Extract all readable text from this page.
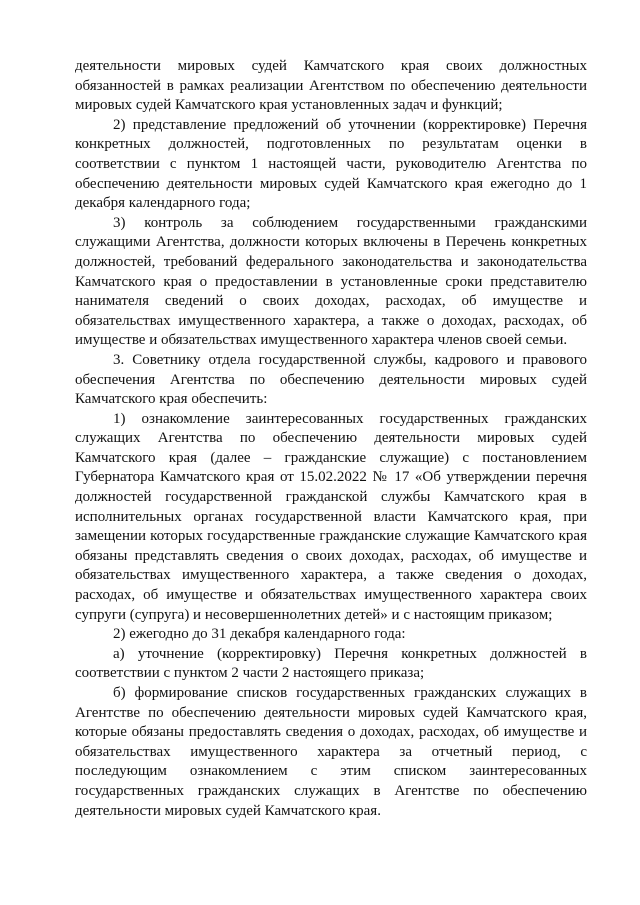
деятельности мировых судей Камчатского края своих должностных обязанностей в рамках реализации Агентством по обеспечению деятельности мировых судей Камчатского края установленных задач и функций;

2) представление предложений об уточнении (корректировке) Перечня конкретных должностей, подготовленных по результатам оценки в соответствии с пунктом 1 настоящей части, руководителю Агентства по обеспечению деятельности мировых судей Камчатского края ежегодно до 1 декабря календарного года;

3) контроль за соблюдением государственными гражданскими служащими Агентства, должности которых включены в Перечень конкретных должностей, требований федерального законодательства и законодательства Камчатского края о предоставлении в установленные сроки представителю нанимателя сведений о своих доходах, расходах, об имуществе и обязательствах имущественного характера, а также о доходах, расходах, об имуществе и обязательствах имущественного характера членов своей семьи.

3. Советнику отдела государственной службы, кадрового и правового обеспечения Агентства по обеспечению деятельности мировых судей Камчатского края обеспечить:

1) ознакомление заинтересованных государственных гражданских служащих Агентства по обеспечению деятельности мировых судей Камчатского края (далее – гражданские служащие) с постановлением Губернатора Камчатского края от 15.02.2022 № 17 «Об утверждении перечня должностей государственной гражданской службы Камчатского края в исполнительных органах государственной власти Камчатского края, при замещении которых государственные гражданские служащие Камчатского края обязаны представлять сведения о своих доходах, расходах, об имуществе и обязательствах имущественного характера, а также сведения о доходах, расходах, об имуществе и обязательствах имущественного характера своих супруги (супруга) и несовершеннолетних детей» и с настоящим приказом;

2) ежегодно до 31 декабря календарного года:

а) уточнение (корректировку) Перечня конкретных должностей в соответствии с пунктом 2 части 2 настоящего приказа;

б) формирование списков государственных гражданских служащих в Агентстве по обеспечению деятельности мировых судей Камчатского края, которые обязаны предоставлять сведения о доходах, расходах, об имуществе и обязательствах имущественного характера за отчетный период, с последующим ознакомлением с этим списком заинтересованных государственных гражданских служащих в Агентстве по обеспечению деятельности мировых судей Камчатского края.
